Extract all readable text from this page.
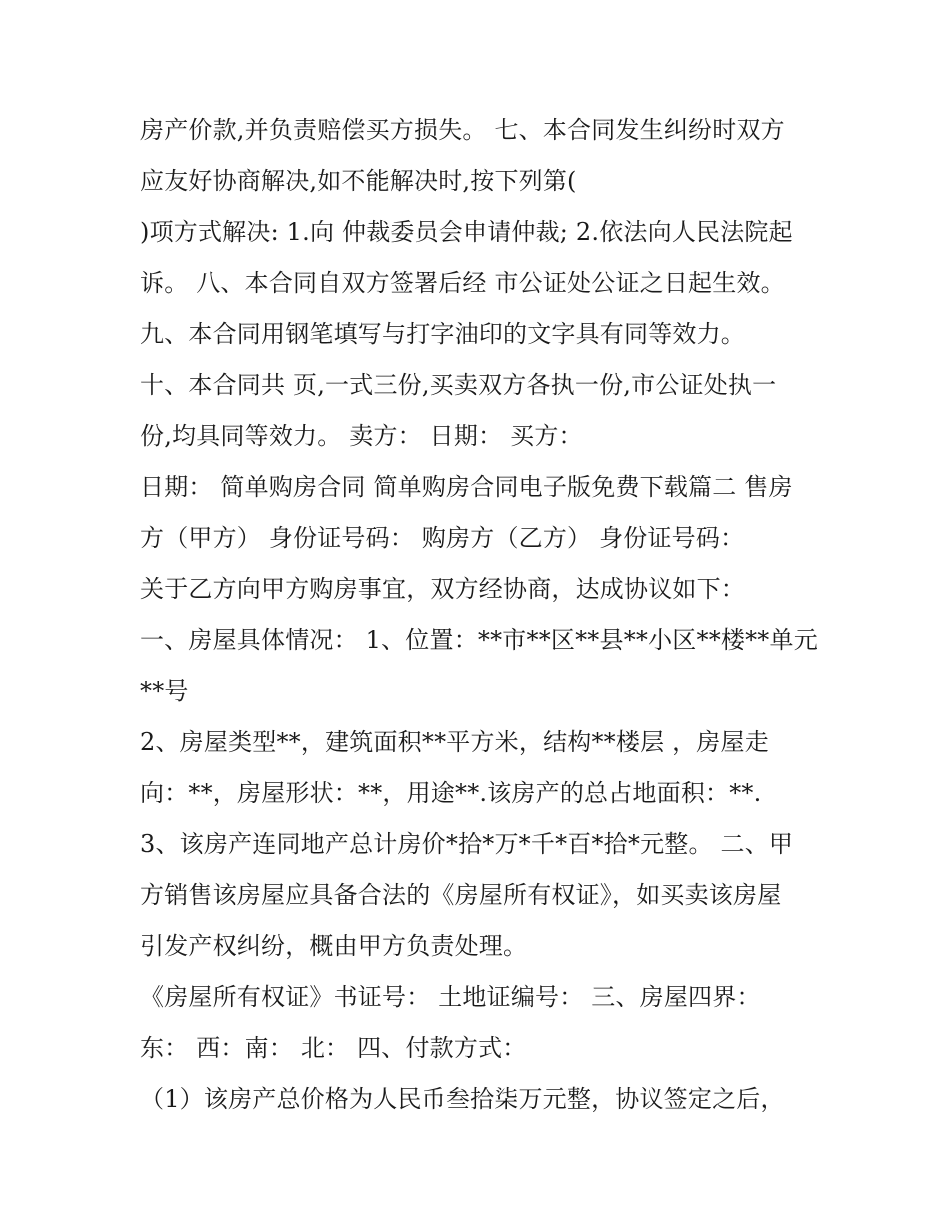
房产价款,并负责赔偿买方损失。 七、本合同发生纠纷时双方
应友好协商解决,如不能解决时,按下列第(
)项方式解决: 1.向 仲裁委员会申请仲裁; 2.依法向人民法院起
诉。 八、本合同自双方签署后经 市公证处公证之日起生效。
九、本合同用钢笔填写与打字油印的文字具有同等效力。
十、本合同共 页,一式三份,买卖双方各执一份,市公证处执一
份,均具同等效力。 卖方： 日期： 买方：
日期： 简单购房合同 简单购房合同电子版免费下载篇二 售房
方（甲方） 身份证号码： 购房方（乙方） 身份证号码：
关于乙方向甲方购房事宜，双方经协商，达成协议如下：
一、房屋具体情况： 1、位置：**市**区**县**小区**楼**单元
**号
2、房屋类型**，建筑面积**平方米，结构**楼层 ，房屋走
向：**，房屋形状：**，用途**.该房产的总占地面积：**.
3、该房产连同地产总计房价*拾*万*千*百*拾*元整。 二、甲
方销售该房屋应具备合法的《房屋所有权证》，如买卖该房屋
引发产权纠纷，概由甲方负责处理。
《房屋所有权证》书证号： 土地证编号： 三、房屋四界：
东： 西：南： 北： 四、付款方式：
（1）该房产总价格为人民币叁拾柒万元整，协议签定之后，
